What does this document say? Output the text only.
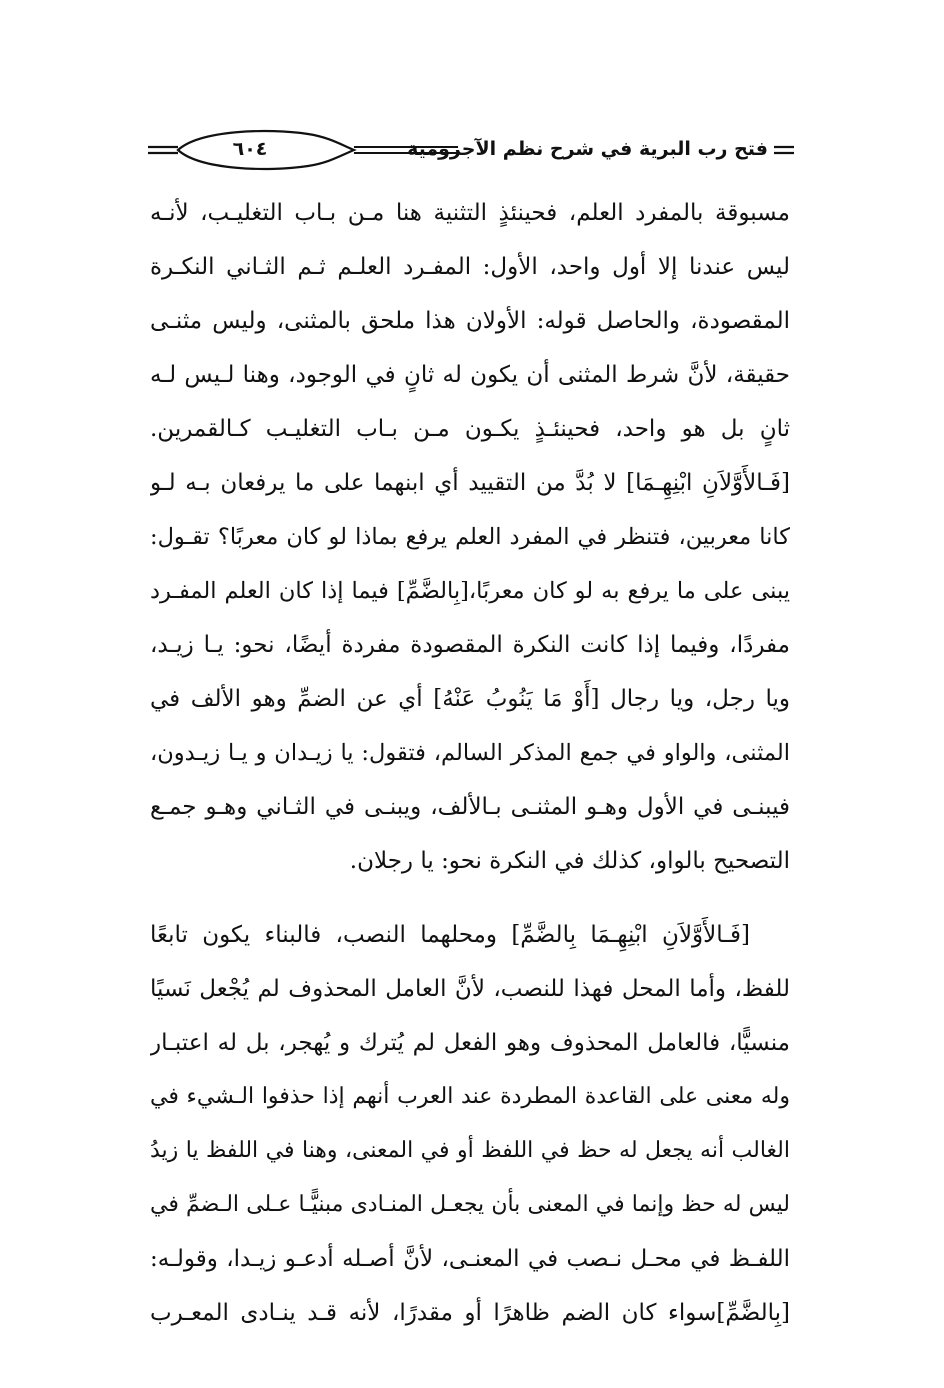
٦٠٤	فتح رب البرية في شرح نظم الآجرومية
مسبوقة بالمفرد العلم، فحينئذٍ التثنية هنا مـن بـاب التغليـب، لأنـه
ليس عندنا إلا أول واحد، الأول: المفـرد العلـم ثـم الثـاني النكـرة
المقصودة، والحاصل قوله: الأولان هذا ملحق بالمثنى، وليس مثنـى
حقيقة، لأنَّ شرط المثنى أن يكون له ثانٍ في الوجود، وهنا لـيس لـه
ثانٍ بل هو واحد، فحينئـذٍ يكـون مـن بـاب التغليـب كـالقمرين.
[فَـالأَوَّلاَنِ ابْنِهِـمَا] لا بُدَّ من التقييد أي ابنهما على ما يرفعان بـه لـو
كانا معربين، فتنظر في المفرد العلم يرفع بماذا لو كان معربًا؟ تقـول:
يبنى على ما يرفع به لو كان معربًا،[بِالضَّمِّ] فيما إذا كان العلم المفـرد
مفردًا، وفيما إذا كانت النكرة المقصودة مفردة أيضًا، نحو: يـا زيـد،
ويا رجل، ويا رجال [أَوْ مَا يَنُوبُ عَنْهُ] أي عن الضمِّ وهو الألف في
المثنى، والواو في جمع المذكر السالم، فتقول: يا زيـدان و يـا زيـدون،
فيبنـى في الأول وهـو المثنـى بـالألف، ويبنـى في الثـاني وهـو جمـع
التصحيح بالواو، كذلك في النكرة نحو: يا رجلان.
[فَـالأَوَّلاَنِ ابْنِهِـمَا بِالضَّمِّ] ومحلهما النصب، فالبناء يكون تابعًا
للفظ، وأما المحل فهذا للنصب، لأنَّ العامل المحذوف لم يُجْعل نَسيًا
منسيًّا، فالعامل المحذوف وهو الفعل لم يُترك و يُهجر، بل له اعتبـار
وله معنى على القاعدة المطردة عند العرب أنهم إذا حذفوا الـشيء في
الغالب أنه يجعل له حظ في اللفظ أو في المعنى، وهنا في اللفظ يا زيدُ
ليس له حظ وإنما في المعنى بأن يجعـل المنـادى مبنيًّـا عـلى الـضمِّ في
اللفـظ في محـل نـصب في المعنـى، لأنَّ أصـله أدعـو زيـدا، وقولـه:
[بِالضَّمِّ]سواء كان الضم ظاهرًا أو مقدرًا، لأنه قـد ينـادى المعـرب
